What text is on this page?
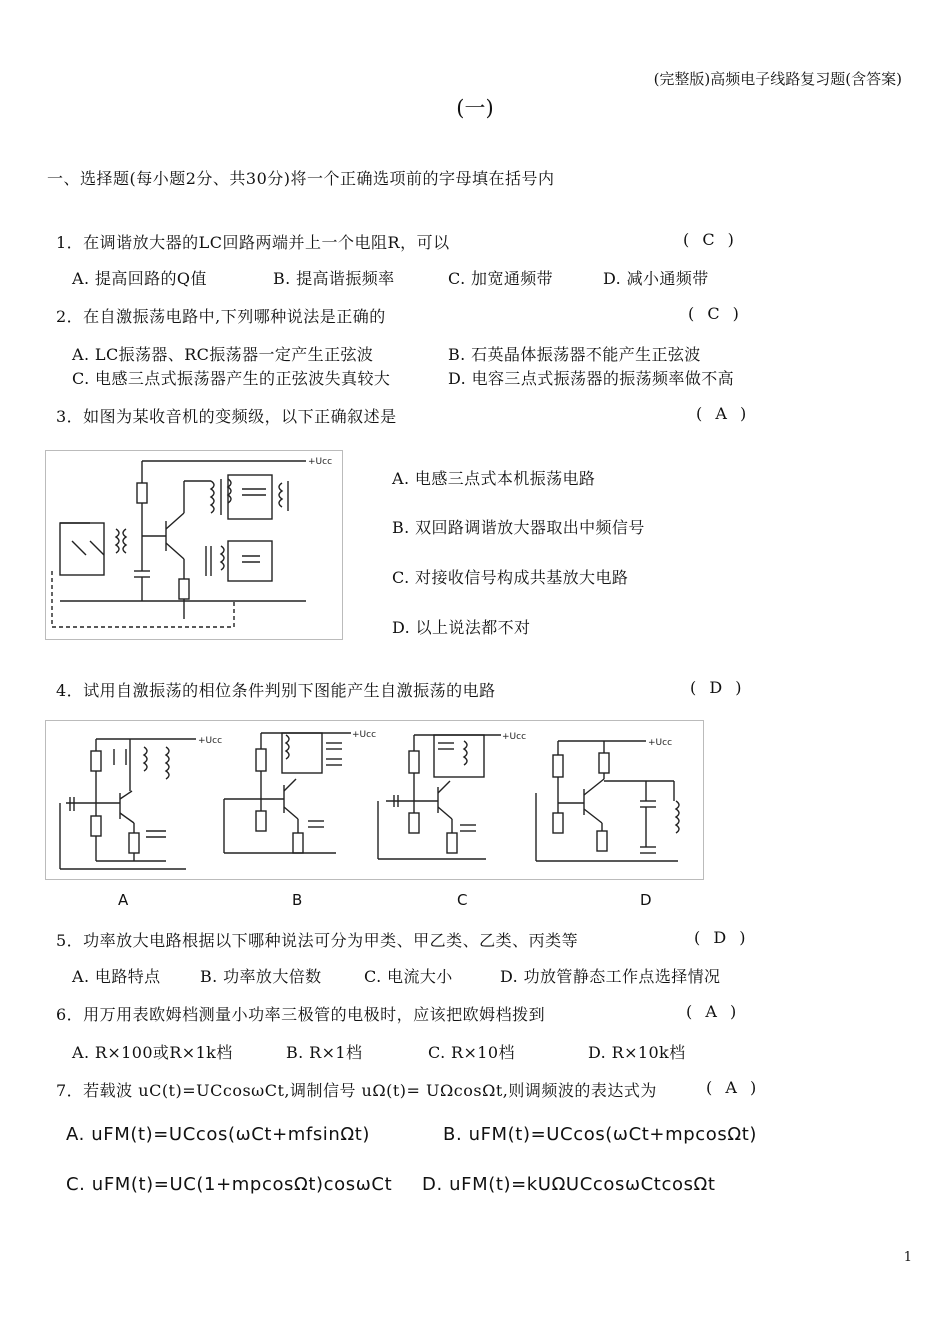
(完整版)高频电子线路复习题(含答案)
(一)
一、选择题(每小题2分、共30分)将一个正确选项前的字母填在括号内
1．在调谐放大器的LC回路两端并上一个电阻R，可以	( C )
A. 提高回路的Q值	B. 提高谐振频率	C. 加宽通频带	D. 减小通频带
2．在自激振荡电路中,下列哪种说法是正确的	( C )
A. LC振荡器、RC振荡器一定产生正弦波	B. 石英晶体振荡器不能产生正弦波
C. 电感三点式振荡器产生的正弦波失真较大	D. 电容三点式振荡器的振荡频率做不高
3．如图为某收音机的变频级，以下正确叙述是	( A )
+Ucc
A. 电感三点式本机振荡电路
B. 双回路调谐放大器取出中频信号
C. 对接收信号构成共基放大电路
D. 以上说法都不对
4．试用自激振荡的相位条件判别下图能产生自激振荡的电路	( D )
+Ucc
+Ucc	+Ucc
+Ucc
A	B	C	D
5．功率放大电路根据以下哪种说法可分为甲类、甲乙类、乙类、丙类等	( D )
A. 电路特点 B. 功率放大倍数	C. 电流大小	D. 功放管静态工作点选择情况
6．用万用表欧姆档测量小功率三极管的电极时，应该把欧姆档拨到	( A )
A. R×100或R×1k档	B. R×1档	C. R×10档	D. R×10k档
7．若载波 uC(t)=UCcosωCt,调制信号 uΩ(t)= UΩcosΩt,则调频波的表达式为	( A )
A. uFM(t)=UCcos(ωCt+mfsinΩt)	B. uFM(t)=UCcos(ωCt+mpcosΩt)
C. uFM(t)=UC(1+mpcosΩt)cosωCt D. uFM(t)=kUΩUCcosωCtcosΩt
1
